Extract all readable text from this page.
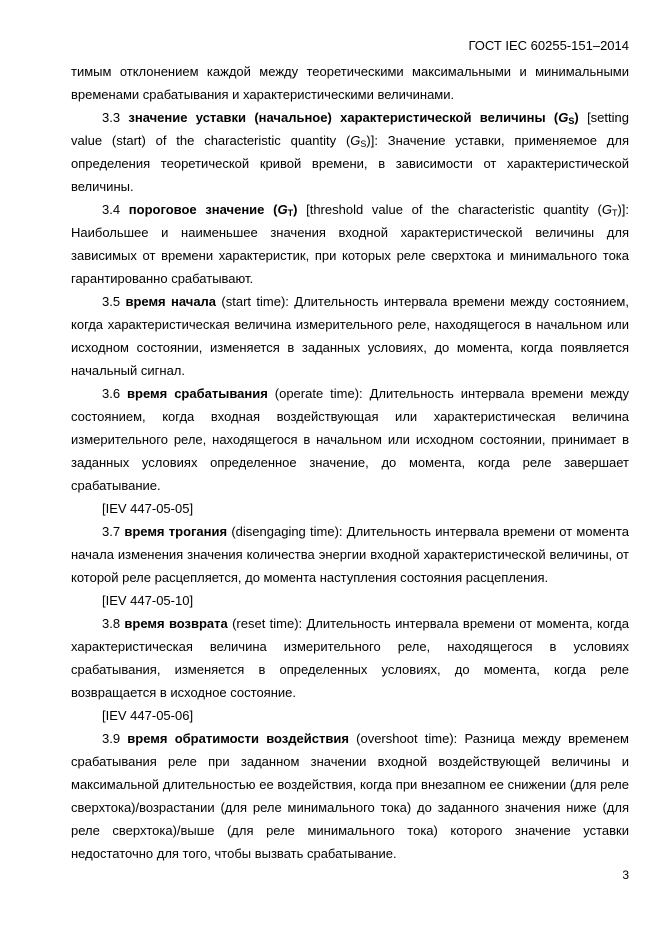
ГОСТ IEC 60255-151–2014

тимым отклонением каждой между теоретическими максимальными и минимальными временами срабатывания и характеристическими величинами.

3.3 значение уставки (начальное) характеристической величины $(G_S)$ [setting value (start) of the characteristic quantity $(G_S)$]: Значение уставки, применяемое для определения теоретической кривой времени, в зависимости от характеристической величины.

3.4 пороговое значение $(G_T)$ [threshold value of the characteristic quantity $(G_T)$]: Наибольшее и наименьшее значения входной характеристической величины для зависимых от времени характеристик, при которых реле сверхтока и минимального тока гарантированно срабатывают.

3.5 время начала (start time): Длительность интервала времени между состоянием, когда характеристическая величина измерительного реле, находящегося в начальном или исходном состоянии, изменяется в заданных условиях, до момента, когда появляется начальный сигнал.

3.6 время срабатывания (operate time): Длительность интервала времени между состоянием, когда входная воздействующая или характеристическая величина измерительного реле, находящегося в начальном или исходном состоянии, принимает в заданных условиях определенное значение, до момента, когда реле завершает срабатывание.

[IEV 447-05-05]

3.7 время трогания (disengaging time): Длительность интервала времени от момента начала изменения значения количества энергии входной характеристической величины, от которой реле расцепляется, до момента наступления состояния расцепления.

[IEV 447-05-10]

3.8 время возврата (reset time): Длительность интервала времени от момента, когда характеристическая величина измерительного реле, находящегося в условиях срабатывания, изменяется в определенных условиях, до момента, когда реле возвращается в исходное состояние.

[IEV 447-05-06]

3.9 время обратимости воздействия (overshoot time): Разница между временем срабатывания реле при заданном значении входной воздействующей величины и максимальной длительностью ее воздействия, когда при внезапном ее снижении (для реле сверхтока)/возрастании (для реле минимального тока) до заданного значения ниже (для реле сверхтока)/выше (для реле минимального тока) которого значение уставки недостаточно для того, чтобы вызвать срабатывание.

3
